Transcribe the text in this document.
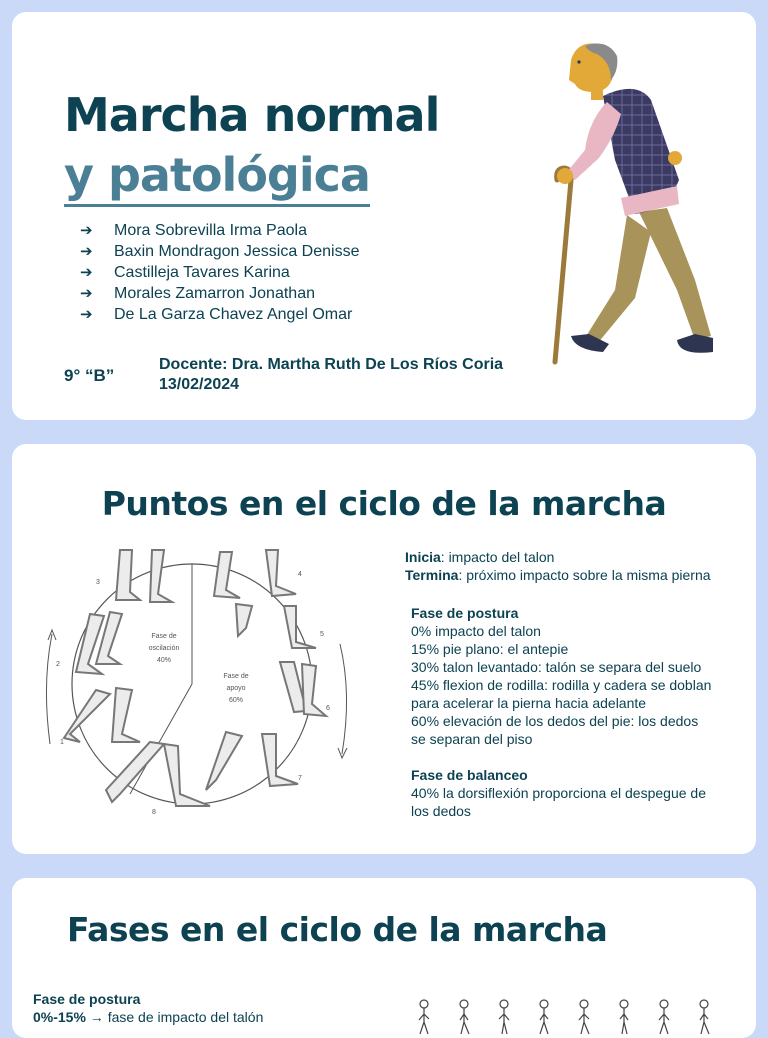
Marcha normal
y patológica
➔	Mora Sobrevilla Irma Paola
➔	Baxin Mondragon Jessica Denisse
➔	Castilleja Tavares Karina
➔	Morales Zamarron Jonathan
➔	De La Garza Chavez Angel Omar
9° “B”
Docente: Dra. Martha Ruth De Los Ríos Coria
13/02/2024
Puntos en el ciclo de la marcha
Fase de
oscilación
40%
Fase de
apoyo
60%
1
2
3
4
5
6
7
8
Inicia: impacto del talon
Termina: próximo impacto sobre la misma pierna
Fase de postura
0% impacto del talon
15% pie plano: el antepie
30% talon levantado: talón se separa del suelo
45% flexion de rodilla: rodilla y cadera se doblan
para acelerar la pierna hacia adelante
60% elevación de los dedos del pie: los dedos
se separan del piso
Fase de balanceo
40% la dorsiflexión proporciona el despegue de
los dedos
Fases en el ciclo de la marcha
Fase de postura
0%-15% → fase de impacto del talón
